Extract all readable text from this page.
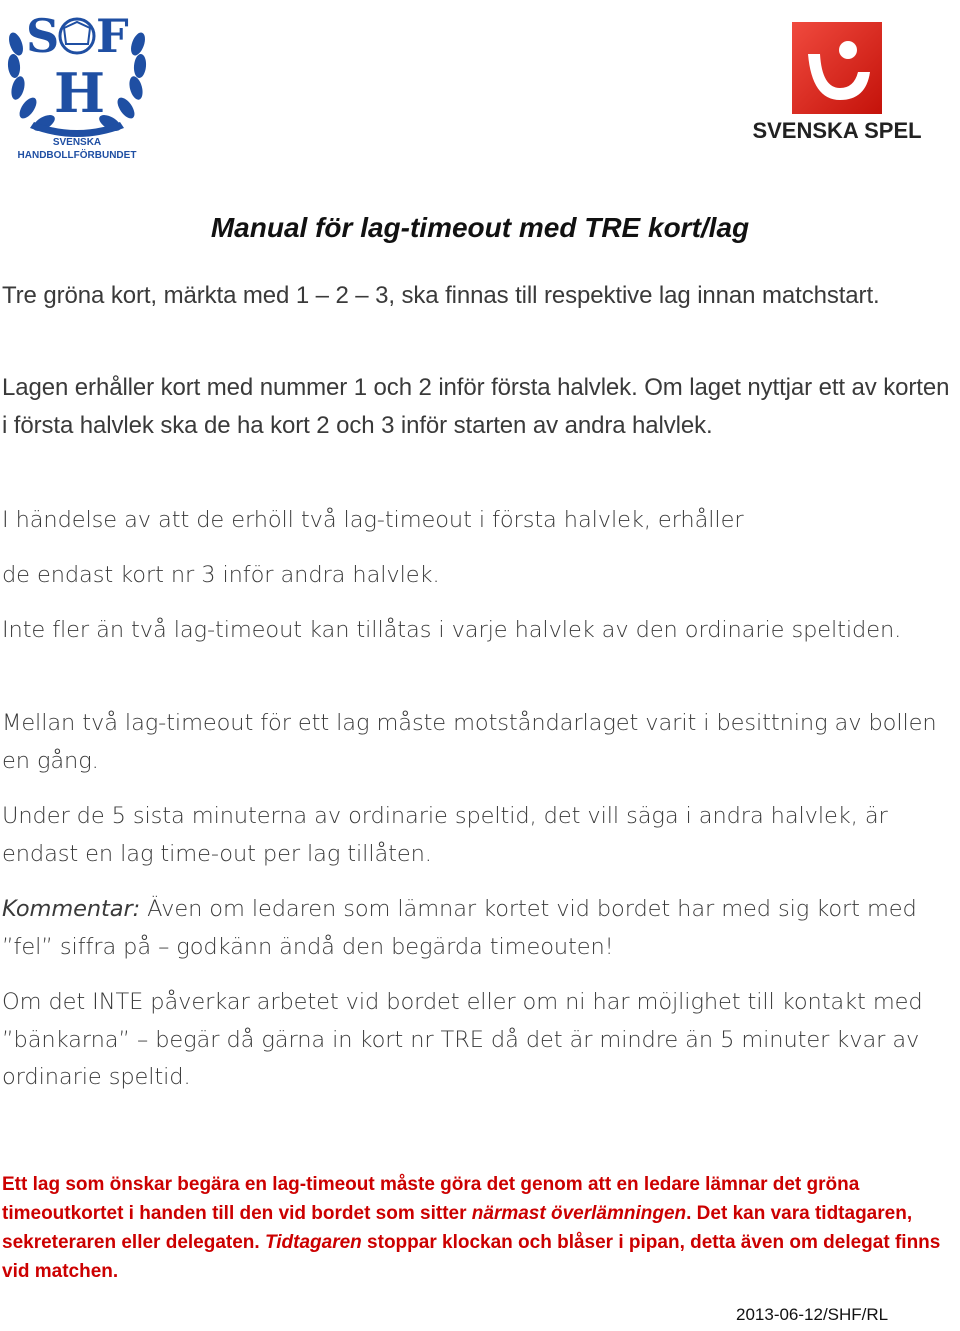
S F
H
SVENSKA
HANDBOLLFÖRBUNDET
SVENSKA SPEL
Manual för lag-timeout med TRE kort/lag

Tre gröna kort, märkta med 1 – 2 – 3, ska finnas till respektive lag innan matchstart.

Lagen erhåller kort med nummer 1 och 2 inför första halvlek. Om laget nyttjar ett av korten i första halvlek ska de ha kort 2 och 3 inför starten av andra halvlek.

I händelse av att de erhöll två lag-timeout i första halvlek, erhåller

de endast kort nr 3 inför andra halvlek.

Inte fler än två lag-timeout kan tillåtas i varje halvlek av den ordinarie speltiden.

Mellan två lag-timeout för ett lag måste motståndarlaget varit i besittning av bollen en gång.

Under de 5 sista minuterna av ordinarie speltid, det vill säga i andra halvlek, är endast en lag time-out per lag tillåten.

Kommentar: Även om ledaren som lämnar kortet vid bordet har med sig kort med ”fel” siffra på – godkänn ändå den begärda timeouten!

Om det INTE påverkar arbetet vid bordet eller om ni har möjlighet till kontakt med ”bänkarna” – begär då gärna in kort nr TRE då det är mindre än 5 minuter kvar av ordinarie speltid.

Ett lag som önskar begära en lag-timeout måste göra det genom att en ledare lämnar det gröna timeoutkortet i handen till den vid bordet som sitter närmast överlämningen. Det kan vara tidtagaren, sekreteraren eller delegaten. Tidtagaren stoppar klockan och blåser i pipan, detta även om delegat finns vid matchen.

2013-06-12/SHF/RL
